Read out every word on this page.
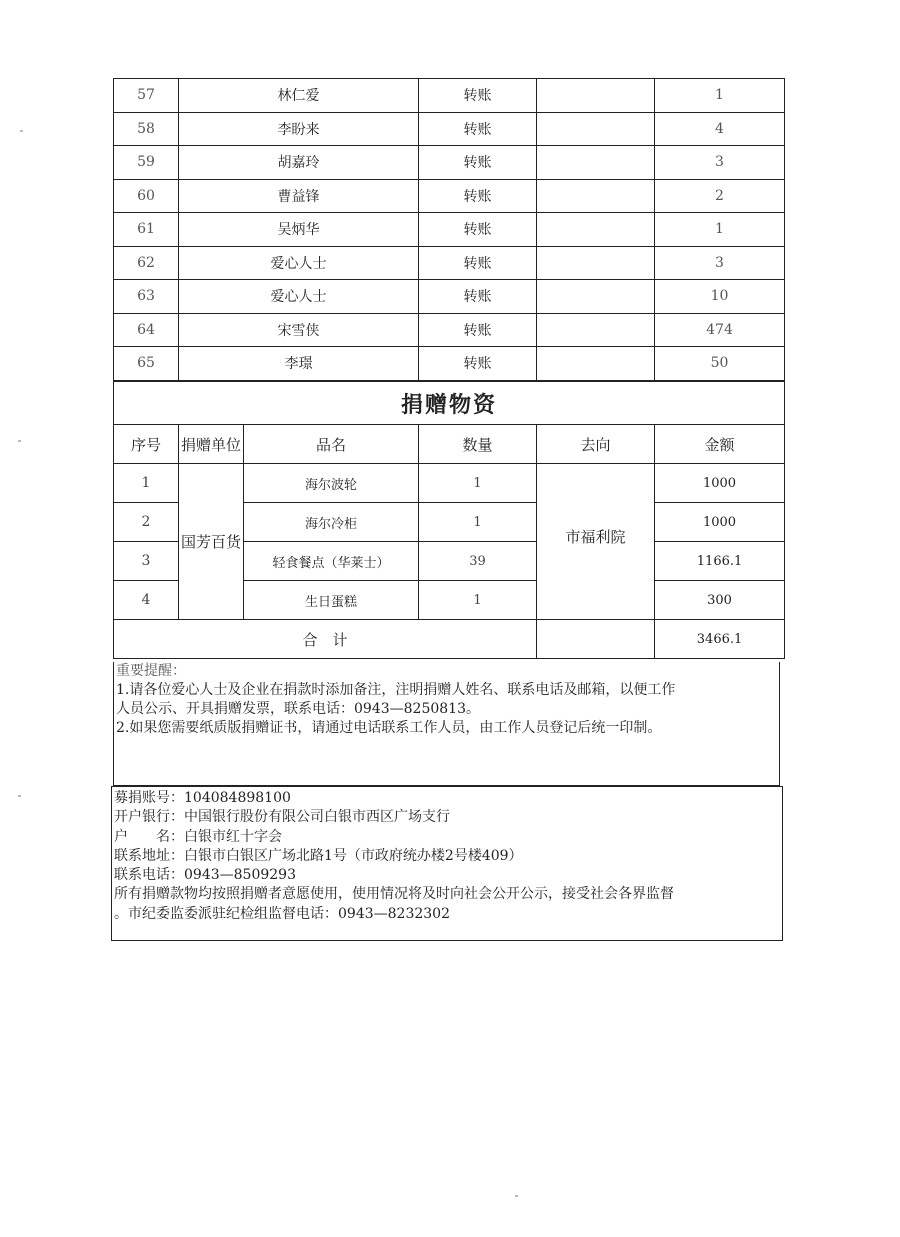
57	林仁爱	转账		1
58	李盼来	转账		4
59	胡嘉玲	转账		3
60	曹益锋	转账		2
61	吴炳华	转账		1
62	爱心人士	转账		3
63	爱心人士	转账		10
64	宋雪侠	转账		474
65	李璟	转账		50
捐赠物资					
序号	捐赠单位	品名	数量	去向	金额
1	国芳百货	海尔波轮	1	市福利院	1000
2		海尔冷柜	1		1000
3		轻食餐点（华莱士）	39		1166.1
4		生日蛋糕	1		300
合　计					3466.1
重要提醒：
1.请各位爱心人士及企业在捐款时添加备注，注明捐赠人姓名、联系电话及邮箱，以便工作
人员公示、开具捐赠发票，联系电话：0943—8250813。
2.如果您需要纸质版捐赠证书，请通过电话联系工作人员，由工作人员登记后统一印制。
募捐账号：104084898100
开户银行：中国银行股份有限公司白银市西区广场支行
户　　名：白银市红十字会
联系地址：白银市白银区广场北路1号（市政府统办楼2号楼409）
联系电话：0943—8509293
所有捐赠款物均按照捐赠者意愿使用，使用情况将及时向社会公开公示，接受社会各界监督
。市纪委监委派驻纪检组监督电话：0943—8232302
